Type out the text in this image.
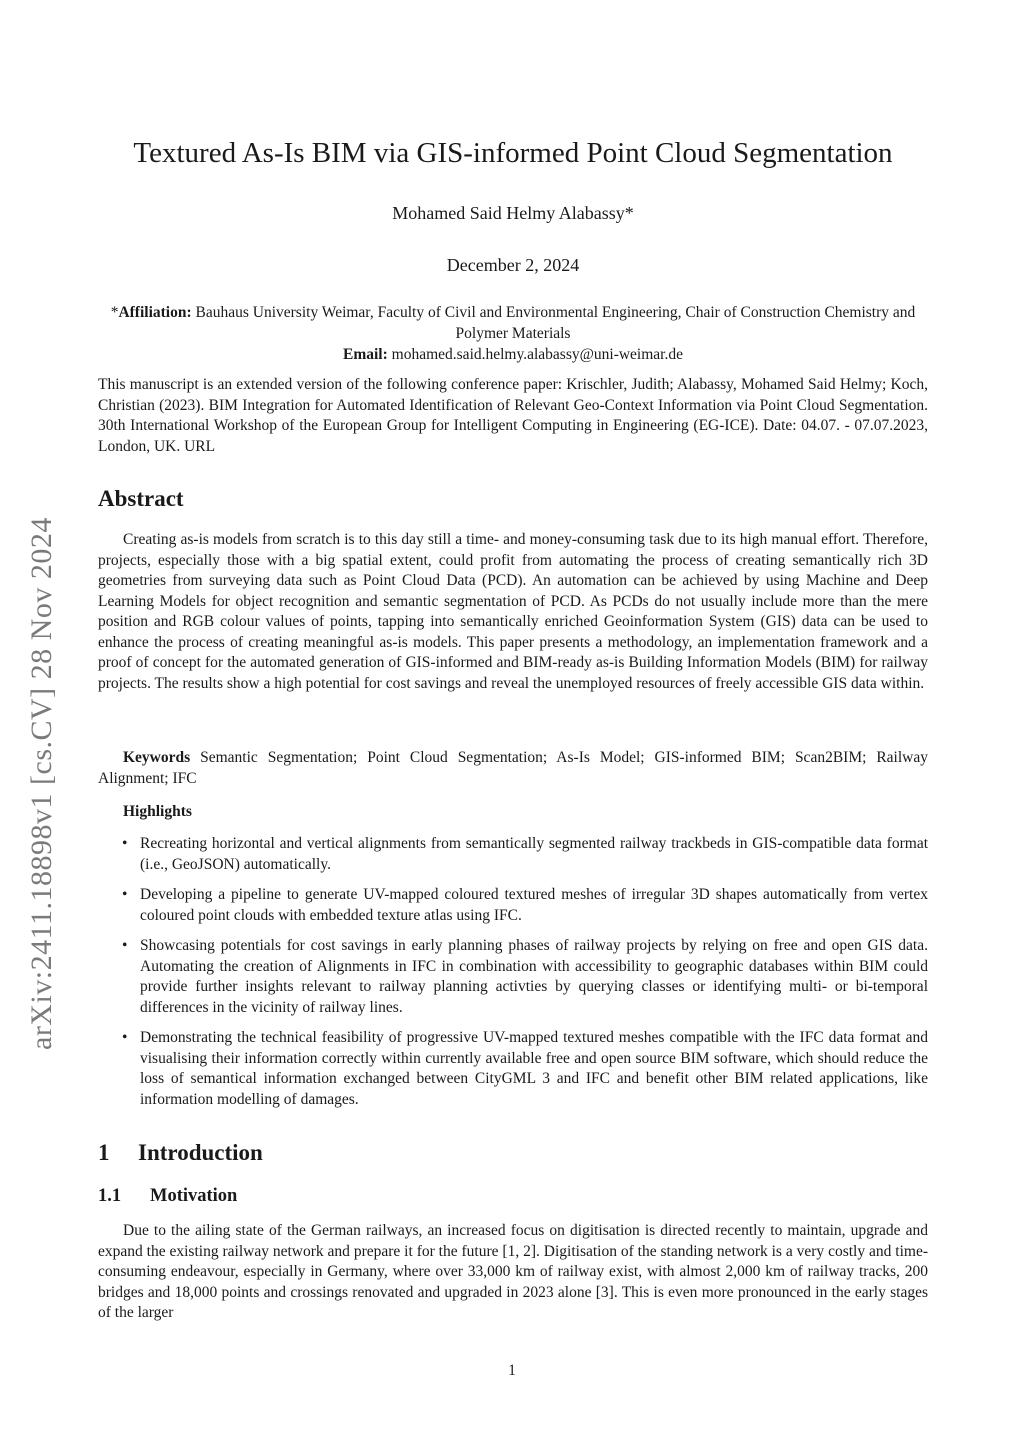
arXiv:2411.18898v1 [cs.CV] 28 Nov 2024
Textured As-Is BIM via GIS-informed Point Cloud Segmentation
Mohamed Said Helmy Alabassy*
December 2, 2024
*Affiliation: Bauhaus University Weimar, Faculty of Civil and Environmental Engineering, Chair of Construction Chemistry and Polymer Materials
Email: mohamed.said.helmy.alabassy@uni-weimar.de
This manuscript is an extended version of the following conference paper: Krischler, Judith; Alabassy, Mohamed Said Helmy; Koch, Christian (2023). BIM Integration for Automated Identification of Relevant Geo-Context Information via Point Cloud Segmentation. 30th International Workshop of the European Group for Intelligent Computing in Engineering (EG-ICE). Date: 04.07. - 07.07.2023, London, UK. URL
Abstract
Creating as-is models from scratch is to this day still a time- and money-consuming task due to its high manual effort. Therefore, projects, especially those with a big spatial extent, could profit from automating the process of creating semantically rich 3D geometries from surveying data such as Point Cloud Data (PCD). An automation can be achieved by using Machine and Deep Learning Models for object recognition and semantic segmentation of PCD. As PCDs do not usually include more than the mere position and RGB colour values of points, tapping into semantically enriched Geoinformation System (GIS) data can be used to enhance the process of creating meaningful as-is models. This paper presents a methodology, an implementation framework and a proof of concept for the automated generation of GIS-informed and BIM-ready as-is Building Information Models (BIM) for railway projects. The results show a high potential for cost savings and reveal the unemployed resources of freely accessible GIS data within.
Keywords Semantic Segmentation; Point Cloud Segmentation; As-Is Model; GIS-informed BIM; Scan2BIM; Railway Alignment; IFC
Highlights
• Recreating horizontal and vertical alignments from semantically segmented railway trackbeds in GIS-compatible data format (i.e., GeoJSON) automatically.
• Developing a pipeline to generate UV-mapped coloured textured meshes of irregular 3D shapes automatically from vertex coloured point clouds with embedded texture atlas using IFC.
• Showcasing potentials for cost savings in early planning phases of railway projects by relying on free and open GIS data. Automating the creation of Alignments in IFC in combination with accessibility to geographic databases within BIM could provide further insights relevant to railway planning activties by querying classes or identifying multi- or bi-temporal differences in the vicinity of railway lines.
• Demonstrating the technical feasibility of progressive UV-mapped textured meshes compatible with the IFC data format and visualising their information correctly within currently available free and open source BIM software, which should reduce the loss of semantical information exchanged between CityGML 3 and IFC and benefit other BIM related applications, like information modelling of damages.
1 Introduction
1.1 Motivation
Due to the ailing state of the German railways, an increased focus on digitisation is directed recently to maintain, upgrade and expand the existing railway network and prepare it for the future [1, 2]. Digitisation of the standing network is a very costly and time-consuming endeavour, especially in Germany, where over 33,000 km of railway exist, with almost 2,000 km of railway tracks, 200 bridges and 18,000 points and crossings renovated and upgraded in 2023 alone [3]. This is even more pronounced in the early stages of the larger
1
